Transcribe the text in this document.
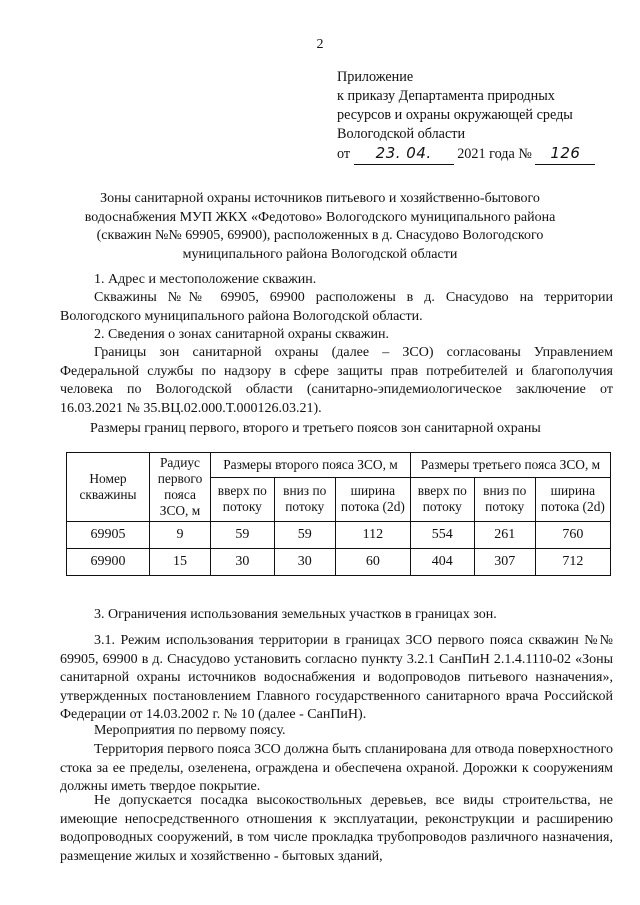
2
Приложение
к приказу Департамента природных
ресурсов и охраны окружающей среды
Вологодской области
от 23. 04. 2021 года № 126
Зоны санитарной охраны источников питьевого и хозяйственно-бытового водоснабжения МУП ЖКХ «Федотово» Вологодского муниципального района (скважин №№ 69905, 69900), расположенных в д. Снасудово Вологодского муниципального района Вологодской области

1. Адрес и местоположение скважин.

Скважины №№ 69905, 69900 расположены в д. Снасудово на территории Вологодского муниципального района Вологодской области.

2. Сведения о зонах санитарной охраны скважин.

Границы зон санитарной охраны (далее – ЗСО) согласованы Управлением Федеральной службы по надзору в сфере защиты прав потребителей и благополучия человека по Вологодской области (санитарно-эпидемиологическое заключение от 16.03.2021 № 35.ВЦ.02.000.Т.000126.03.21).

Размеры границ первого, второго и третьего поясов зон санитарной охраны

Номер скважины	Радиус первого пояса ЗСО, м	Размеры второго пояса ЗСО, м			Размеры третьего пояса ЗСО, м		
		вверх по потоку	вниз по потоку	ширина потока (2d)	вверх по потоку	вниз по потоку	ширина потока (2d)
69905	9	59	59	112	554	261	760
69900	15	30	30	60	404	307	712

3. Ограничения использования земельных участков в границах зон.

3.1. Режим использования территории в границах ЗСО первого пояса скважин №№ 69905, 69900 в д. Снасудово установить согласно пункту 3.2.1 СанПиН 2.1.4.1110-02 «Зоны санитарной охраны источников водоснабжения и водопроводов питьевого назначения», утвержденных постановлением Главного государственного санитарного врача Российской Федерации от 14.03.2002 г. № 10 (далее - СанПиН).

Мероприятия по первому поясу.

Территория первого пояса ЗСО должна быть спланирована для отвода поверхностного стока за ее пределы, озеленена, ограждена и обеспечена охраной. Дорожки к сооружениям должны иметь твердое покрытие.

Не допускается посадка высокоствольных деревьев, все виды строительства, не имеющие непосредственного отношения к эксплуатации, реконструкции и расширению водопроводных сооружений, в том числе прокладка трубопроводов различного назначения, размещение жилых и хозяйственно - бытовых зданий,
